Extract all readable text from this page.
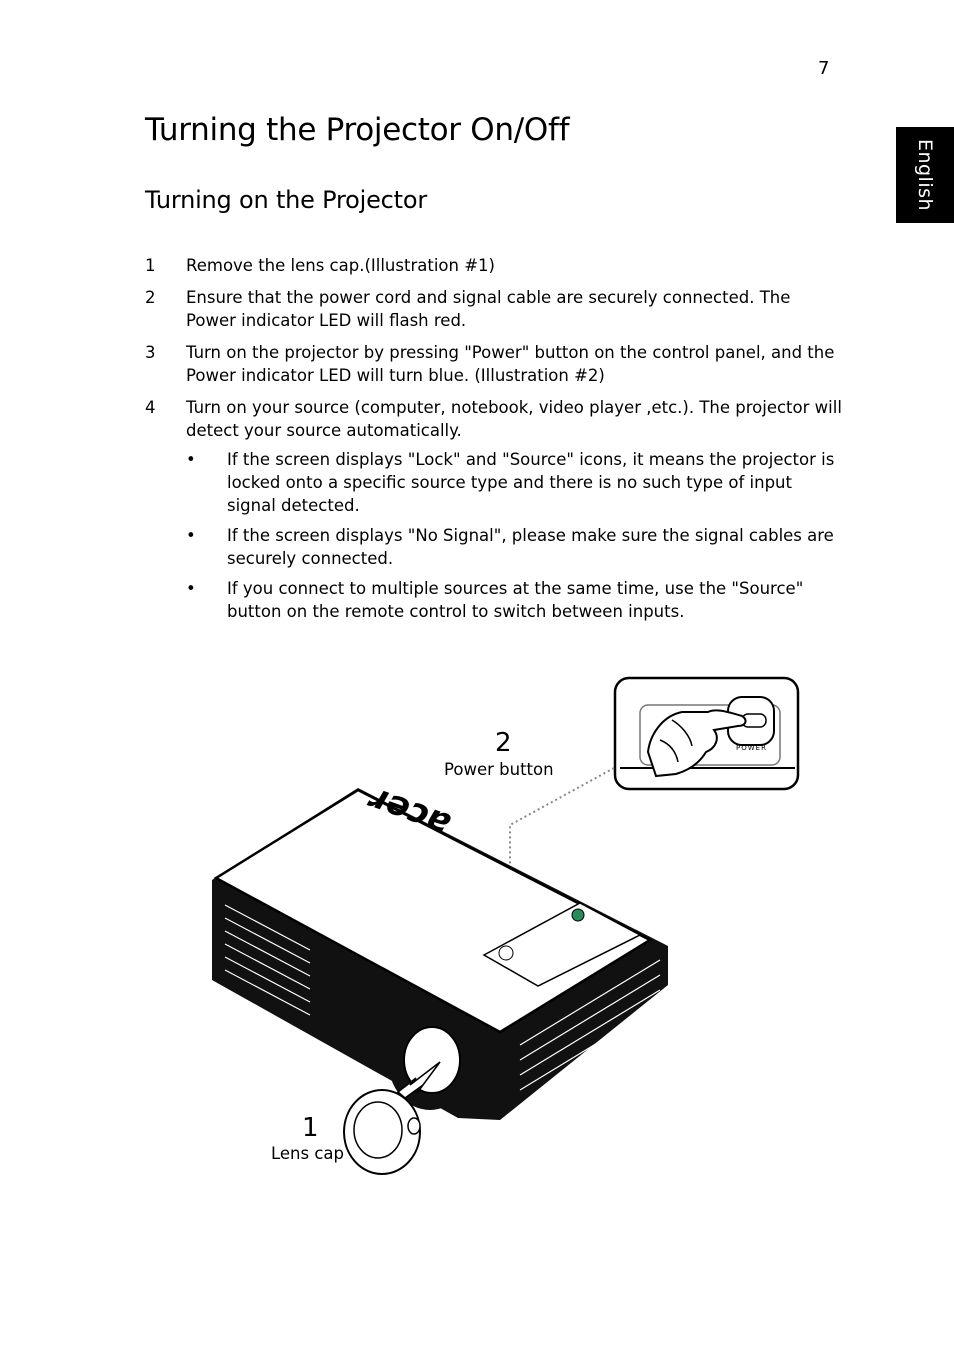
7
English
Turning the Projector On/Off
Turning on the Projector
1 Remove the lens cap.(Illustration #1)
2 Ensure that the power cord and signal cable are securely connected. The Power indicator LED will flash red.
3 Turn on the projector by pressing "Power" button on the control panel, and the Power indicator LED will turn blue. (Illustration #2)
4 Turn on your source (computer, notebook, video player ,etc.). The projector will detect your source automatically.
• If the screen displays "Lock" and "Source" icons, it means the projector is locked onto a specific source type and there is no such type of input signal detected.
• If the screen displays "No Signal", please make sure the signal cables are securely connected.
• If you connect to multiple sources at the same time, use the "Source" button on the remote control to switch between inputs.
2
Power button
1
Lens cap
POWER
acer
